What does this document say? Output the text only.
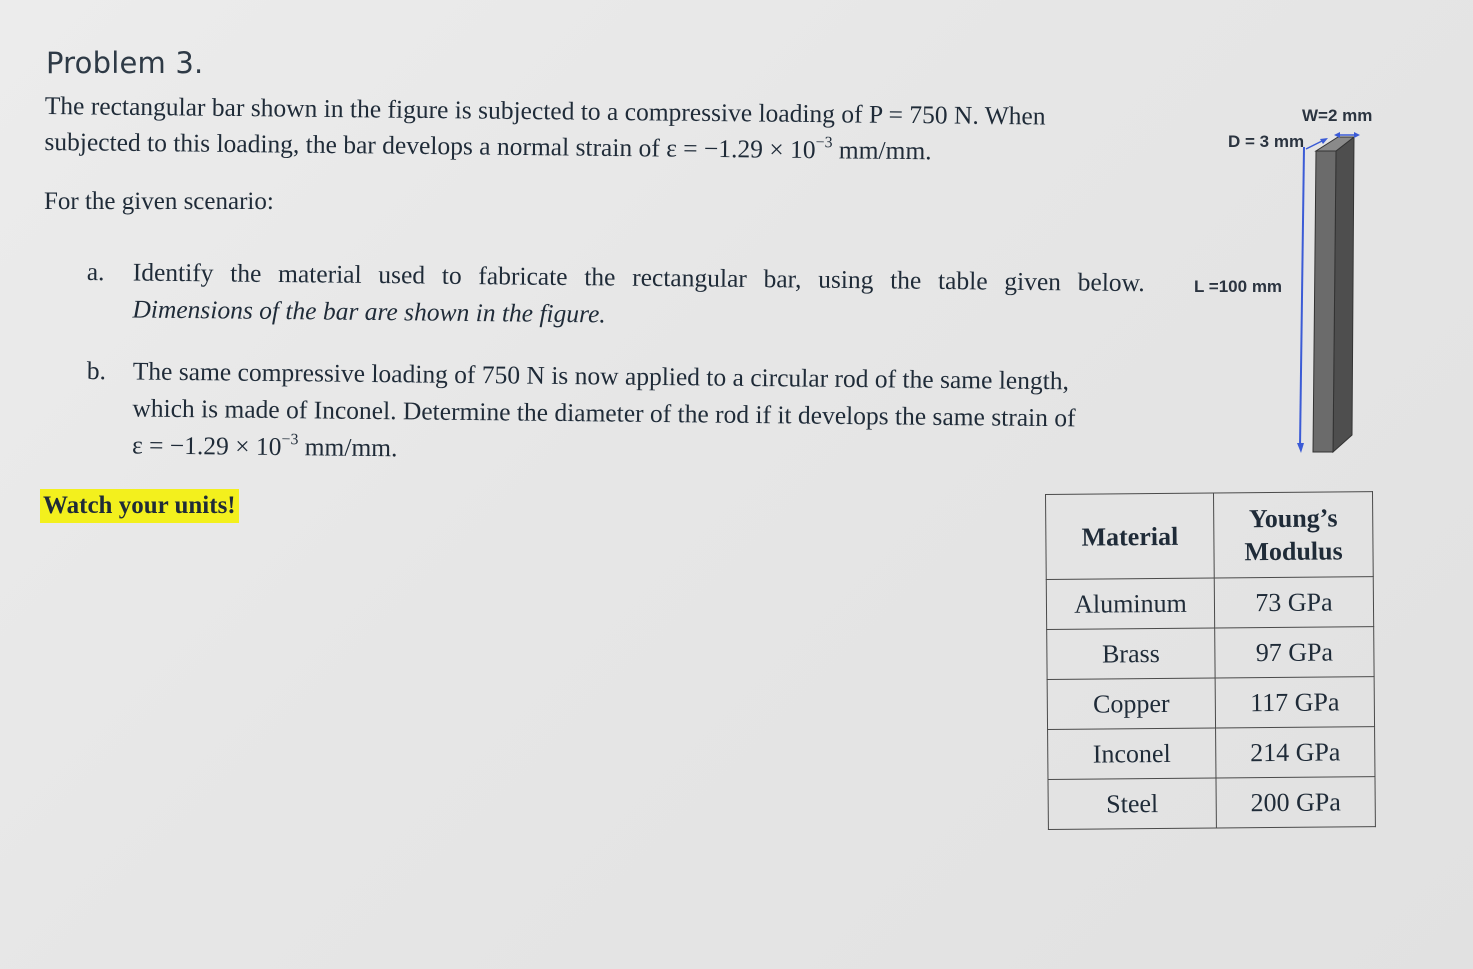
Problem 3.
The rectangular bar shown in the figure is subjected to a compressive loading of P = 750 N. When
subjected to this loading, the bar develops a normal strain of $\varepsilon = -1.29 \times 10^{-3}$ mm/mm.
For the given scenario:
a. Identify the material used to fabricate the rectangular bar, using the table given below.
Dimensions of the bar are shown in the figure.
b. The same compressive loading of 750 N is now applied to a circular rod of the same length,
which is made of Inconel. Determine the diameter of the rod if it develops the same strain of
$\varepsilon = -1.29 \times 10^{-3}$ mm/mm.
Watch your units!
W=2 mm
D = 3 mm
L =100 mm
Material	Young’s Modulus
Aluminum	73 GPa
Brass	97 GPa
Copper	117 GPa
Inconel	214 GPa
Steel	200 GPa
